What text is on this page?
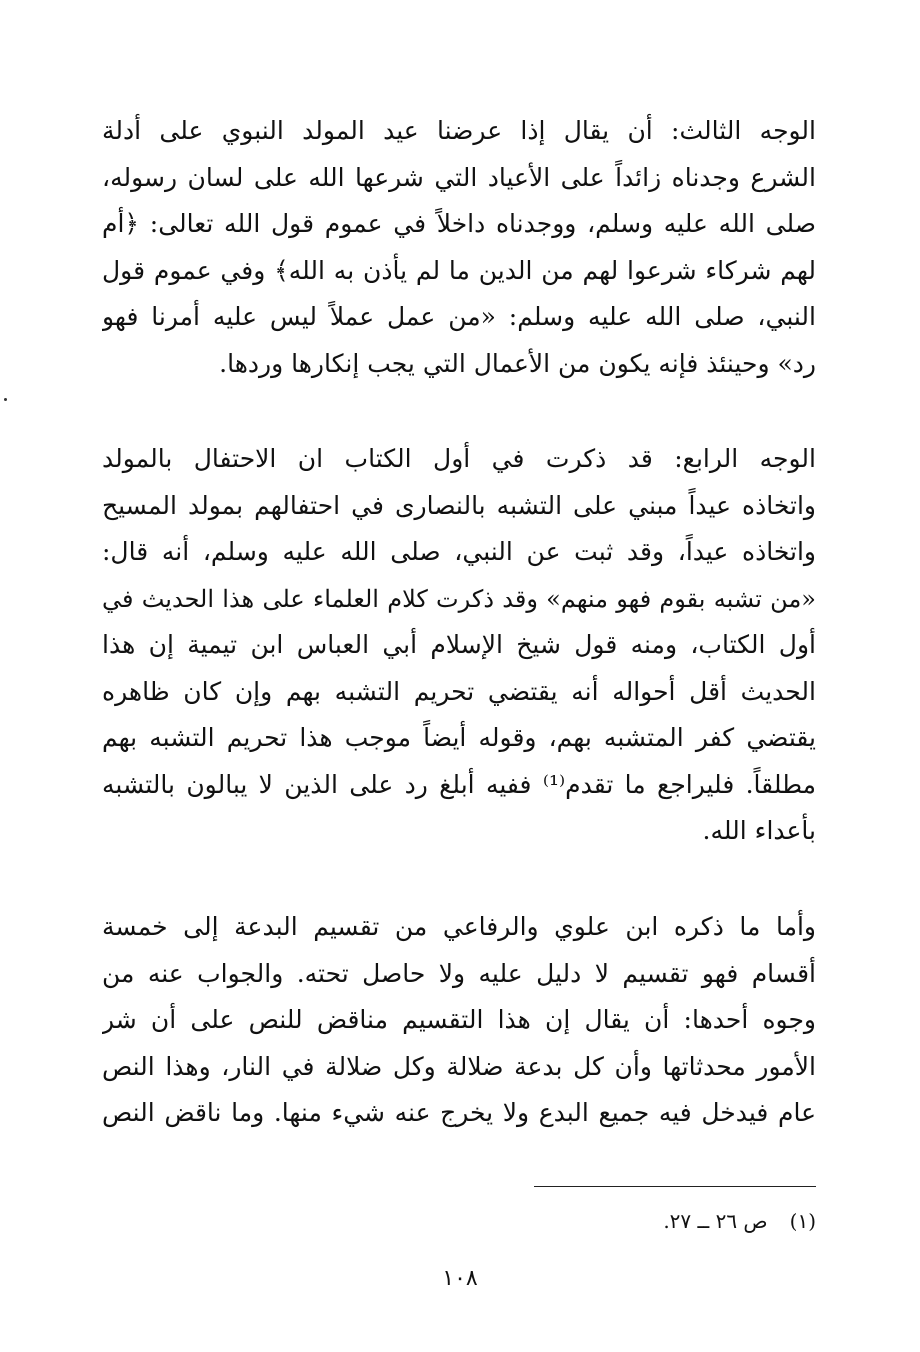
الوجه الثالث: أن يقال إذا عرضنا عيد المولد النبوي على أدلة
الشرع وجدناه زائداً على الأعياد التي شرعها الله على لسان رسوله،
صلى الله عليه وسلم، ووجدناه داخلاً في عموم قول الله تعالى: ﴿أم
لهم شركاء شرعوا لهم من الدين ما لم يأذن به الله﴾ وفي عموم قول
النبي، صلى الله عليه وسلم: «من عمل عملاً ليس عليه أمرنا فهو
رد» وحينئذ فإنه يكون من الأعمال التي يجب إنكارها وردها.
الوجه الرابع: قد ذكرت في أول الكتاب ان الاحتفال بالمولد
واتخاذه عيداً مبني على التشبه بالنصارى في احتفالهم بمولد المسيح
واتخاذه عيداً، وقد ثبت عن النبي، صلى الله عليه وسلم، أنه قال:
«من تشبه بقوم فهو منهم» وقد ذكرت كلام العلماء على هذا الحديث في
أول الكتاب، ومنه قول شيخ الإسلام أبي العباس ابن تيمية إن هذا
الحديث أقل أحواله أنه يقتضي تحريم التشبه بهم وإن كان ظاهره
يقتضي كفر المتشبه بهم، وقوله أيضاً موجب هذا تحريم التشبه بهم
مطلقاً. فليراجع ما تقدم⁽¹⁾ ففيه أبلغ رد على الذين لا يبالون بالتشبه
بأعداء الله.
وأما ما ذكره ابن علوي والرفاعي من تقسيم البدعة إلى خمسة
أقسام فهو تقسيم لا دليل عليه ولا حاصل تحته. والجواب عنه من
وجوه أحدها: أن يقال إن هذا التقسيم مناقض للنص على أن شر
الأمور محدثاتها وأن كل بدعة ضلالة وكل ضلالة في النار، وهذا النص
عام فيدخل فيه جميع البدع ولا يخرج عنه شيء منها. وما ناقض النص
(١)ص ٢٦ ــ ٢٧.
١٠٨
